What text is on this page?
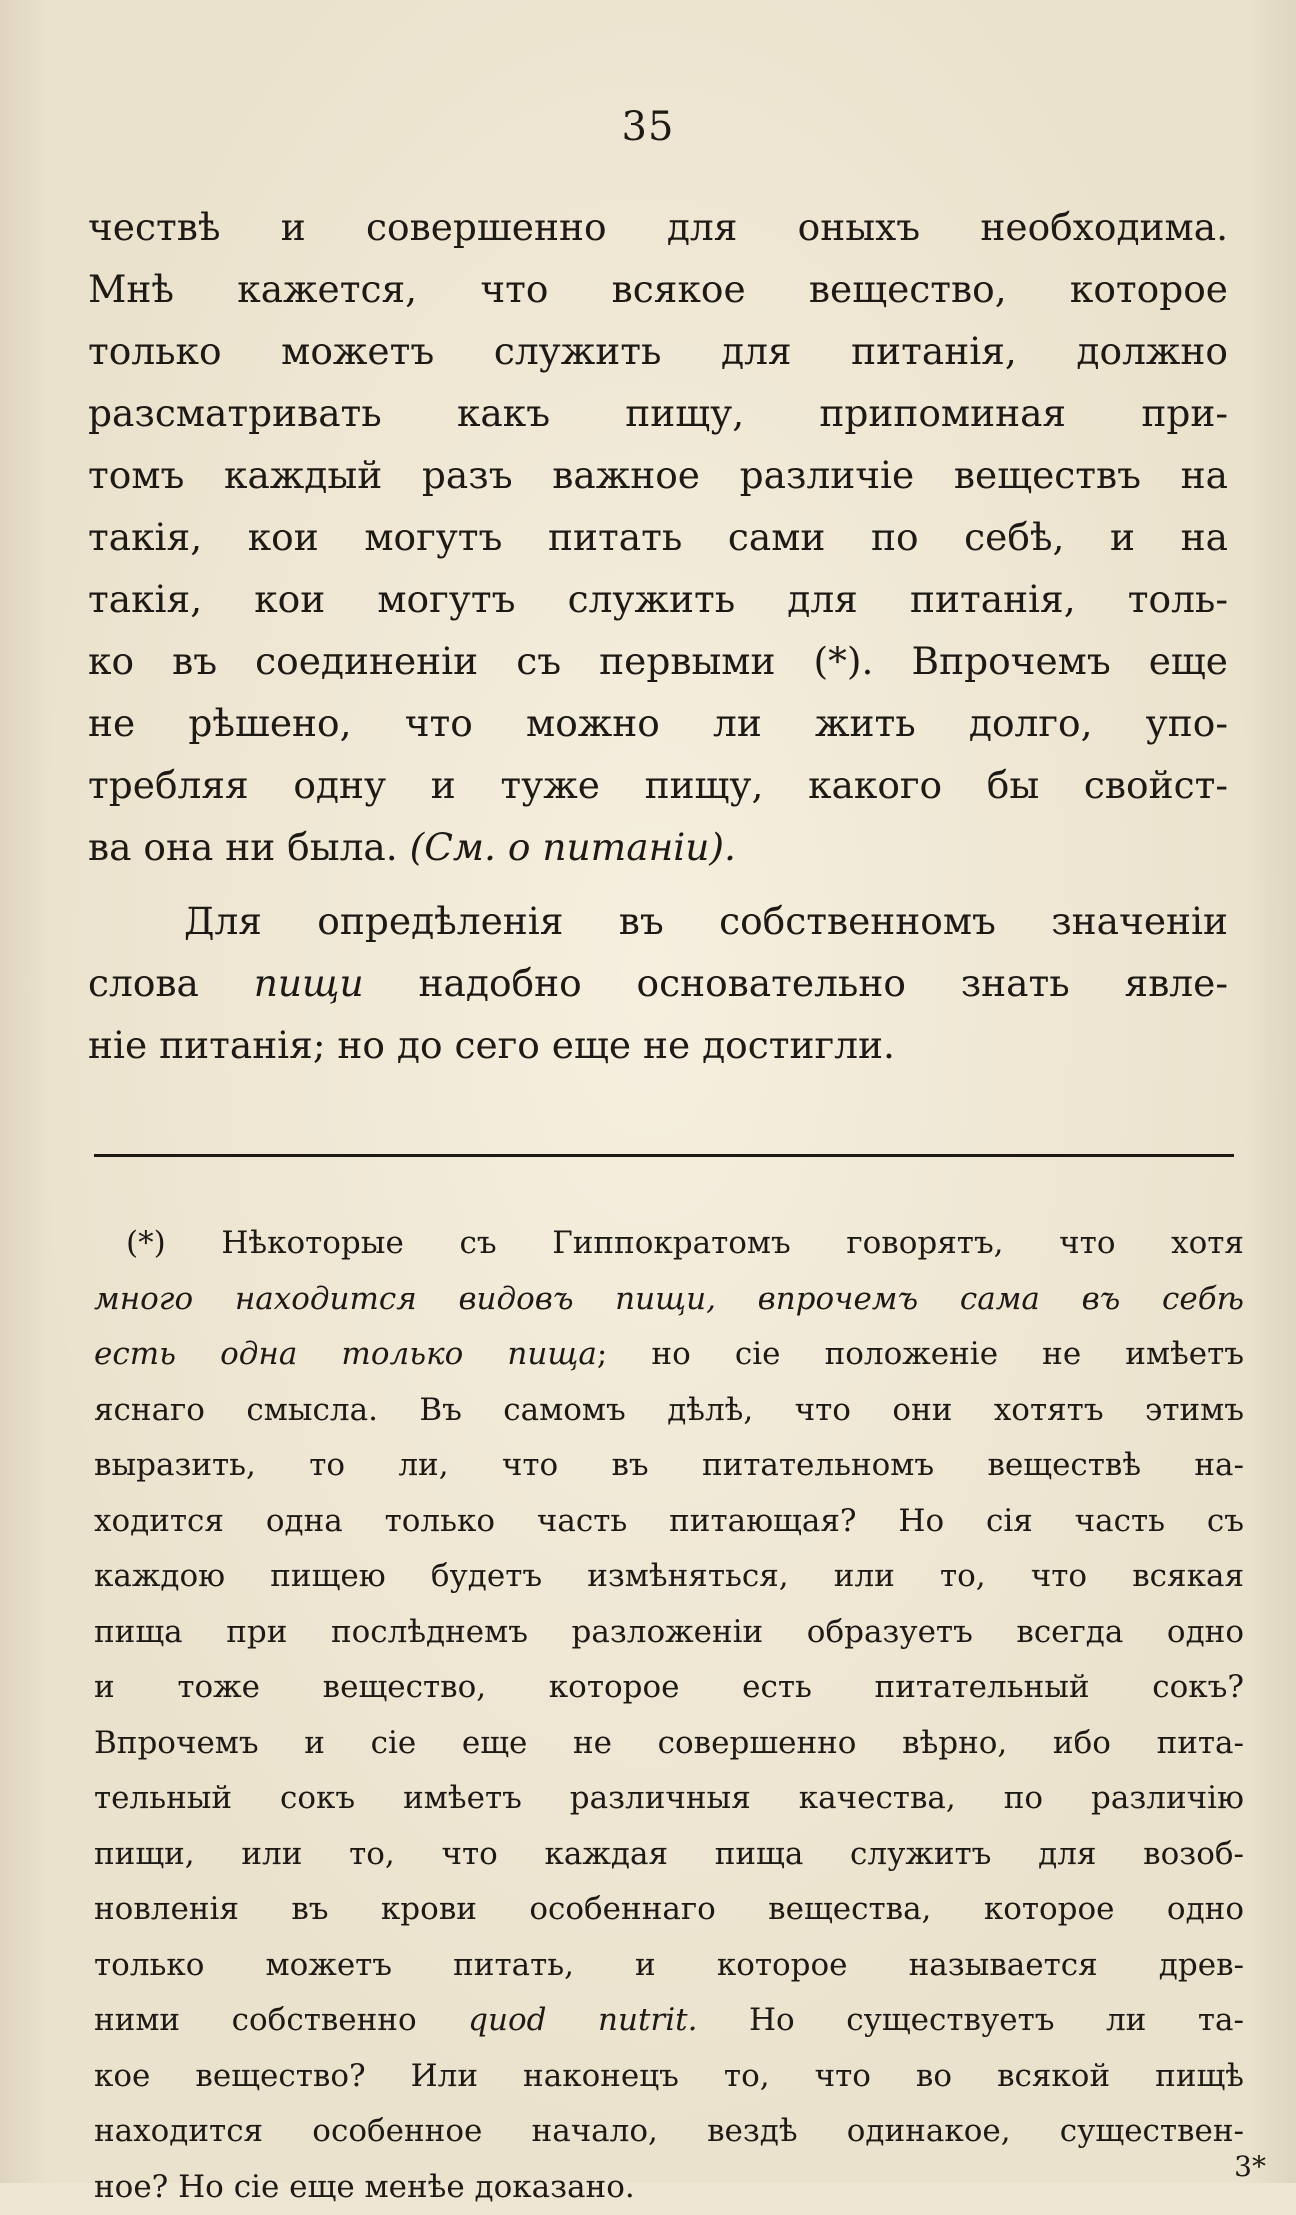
35
чествѣ и совершенно для оныхъ необходима.
Мнѣ кажется, что всякое вещество, которое
только можетъ служить для питанія, должно
разсматривать какъ пищу, припоминая при-
томъ каждый разъ важное различіе веществъ на
такія, кои могутъ питать сами по себѣ, и на
такія, кои могутъ служить для питанія, толь-
ко въ соединеніи съ первыми (*). Впрочемъ еще
не рѣшено, что можно ли жить долго, упо-
требляя одну и туже пищу, какого бы свойст-
ва она ни была. (См. о питаніи).
Для опредѣленія въ собственномъ значеніи
слова пищи надобно основательно знать явле-
ніе питанія; но до сего еще не достигли.
(*) Нѣкоторые съ Гиппократомъ говорятъ, что хотя
много находится видовъ пищи, впрочемъ сама въ себѣ
есть одна только пища; но сіе положеніе не имѣетъ
яснаго смысла. Въ самомъ дѣлѣ, что они хотятъ этимъ
выразить, то ли, что въ питательномъ веществѣ на-
ходится одна только часть питающая? Но сія часть съ
каждою пищею будетъ измѣняться, или то, что всякая
пища при послѣднемъ разложеніи образуетъ всегда одно
и тоже вещество, которое есть питательный сокъ?
Впрочемъ и сіе еще не совершенно вѣрно, ибо пита-
тельный сокъ имѣетъ различныя качества, по различію
пищи, или то, что каждая пища служитъ для возоб-
новленія въ крови особеннаго вещества, которое одно
только можетъ питать, и которое называется древ-
ними собственно quod nutrit. Но существуетъ ли та-
кое вещество? Или наконецъ то, что во всякой пищѣ
находится особенное начало, вездѣ одинакое, существен-
ное? Но сіе еще менѣе доказано.
3*
